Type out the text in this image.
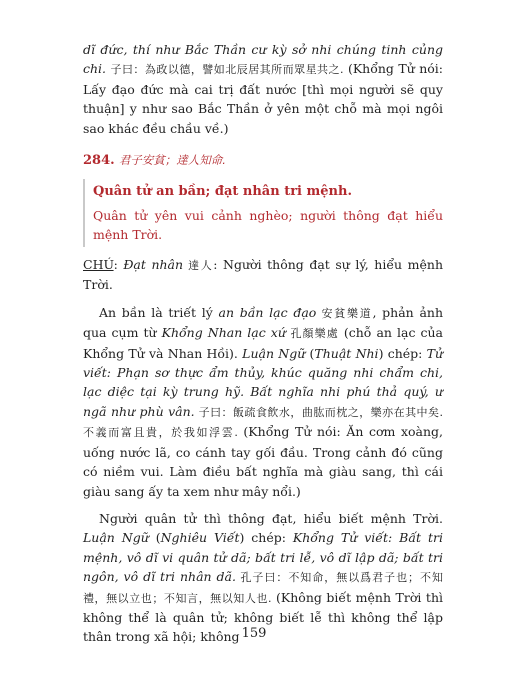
dĩ đức, thí như Bắc Thần cư kỳ sở nhi chúng tinh củng chi. 子曰：為政以德，譬如北辰居其所而眾星共之. (Khổng Tử nói: Lấy đạo đức mà cai trị đất nước [thì mọi người sẽ quy thuận] y như sao Bắc Thần ở yên một chỗ mà mọi ngôi sao khác đều chầu về.)

284. 君子安貧；達人知命.

Quân tử an bần; đạt nhân tri mệnh.

Quân tử yên vui cảnh nghèo; người thông đạt hiểu mệnh Trời.

CHÚ: Đạt nhân 達人: Người thông đạt sự lý, hiểu mệnh Trời.

An bần là triết lý an bần lạc đạo 安貧樂道, phản ảnh qua cụm từ Khổng Nhan lạc xứ 孔顏樂處 (chỗ an lạc của Khổng Tử và Nhan Hồi). Luận Ngữ (Thuật Nhi) chép: Tử viết: Phạn sơ thực ẩm thủy, khúc quăng nhi chẩm chi, lạc diệc tại kỳ trung hỹ. Bất nghĩa nhi phú thả quý, ư ngã như phù vân. 子曰：飯疏食飲水，曲肱而枕之，樂亦在其中矣. 不義而富且貴，於我如浮雲. (Khổng Tử nói: Ăn cơm xoàng, uống nước lã, co cánh tay gối đầu. Trong cảnh đó cũng có niềm vui. Làm điều bất nghĩa mà giàu sang, thì cái giàu sang ấy ta xem như mây nổi.)

Người quân tử thì thông đạt, hiểu biết mệnh Trời. Luận Ngữ (Nghiêu Viết) chép: Khổng Tử viết: Bất tri mệnh, vô dĩ vi quân tử dã; bất tri lễ, vô dĩ lập dã; bất tri ngôn, vô dĩ tri nhân dã. 孔子曰：不知命，無以爲君子也；不知禮，無以立也；不知言，無以知人也. (Không biết mệnh Trời thì không thể là quân tử; không biết lễ thì không thể lập thân trong xã hội; không 159
